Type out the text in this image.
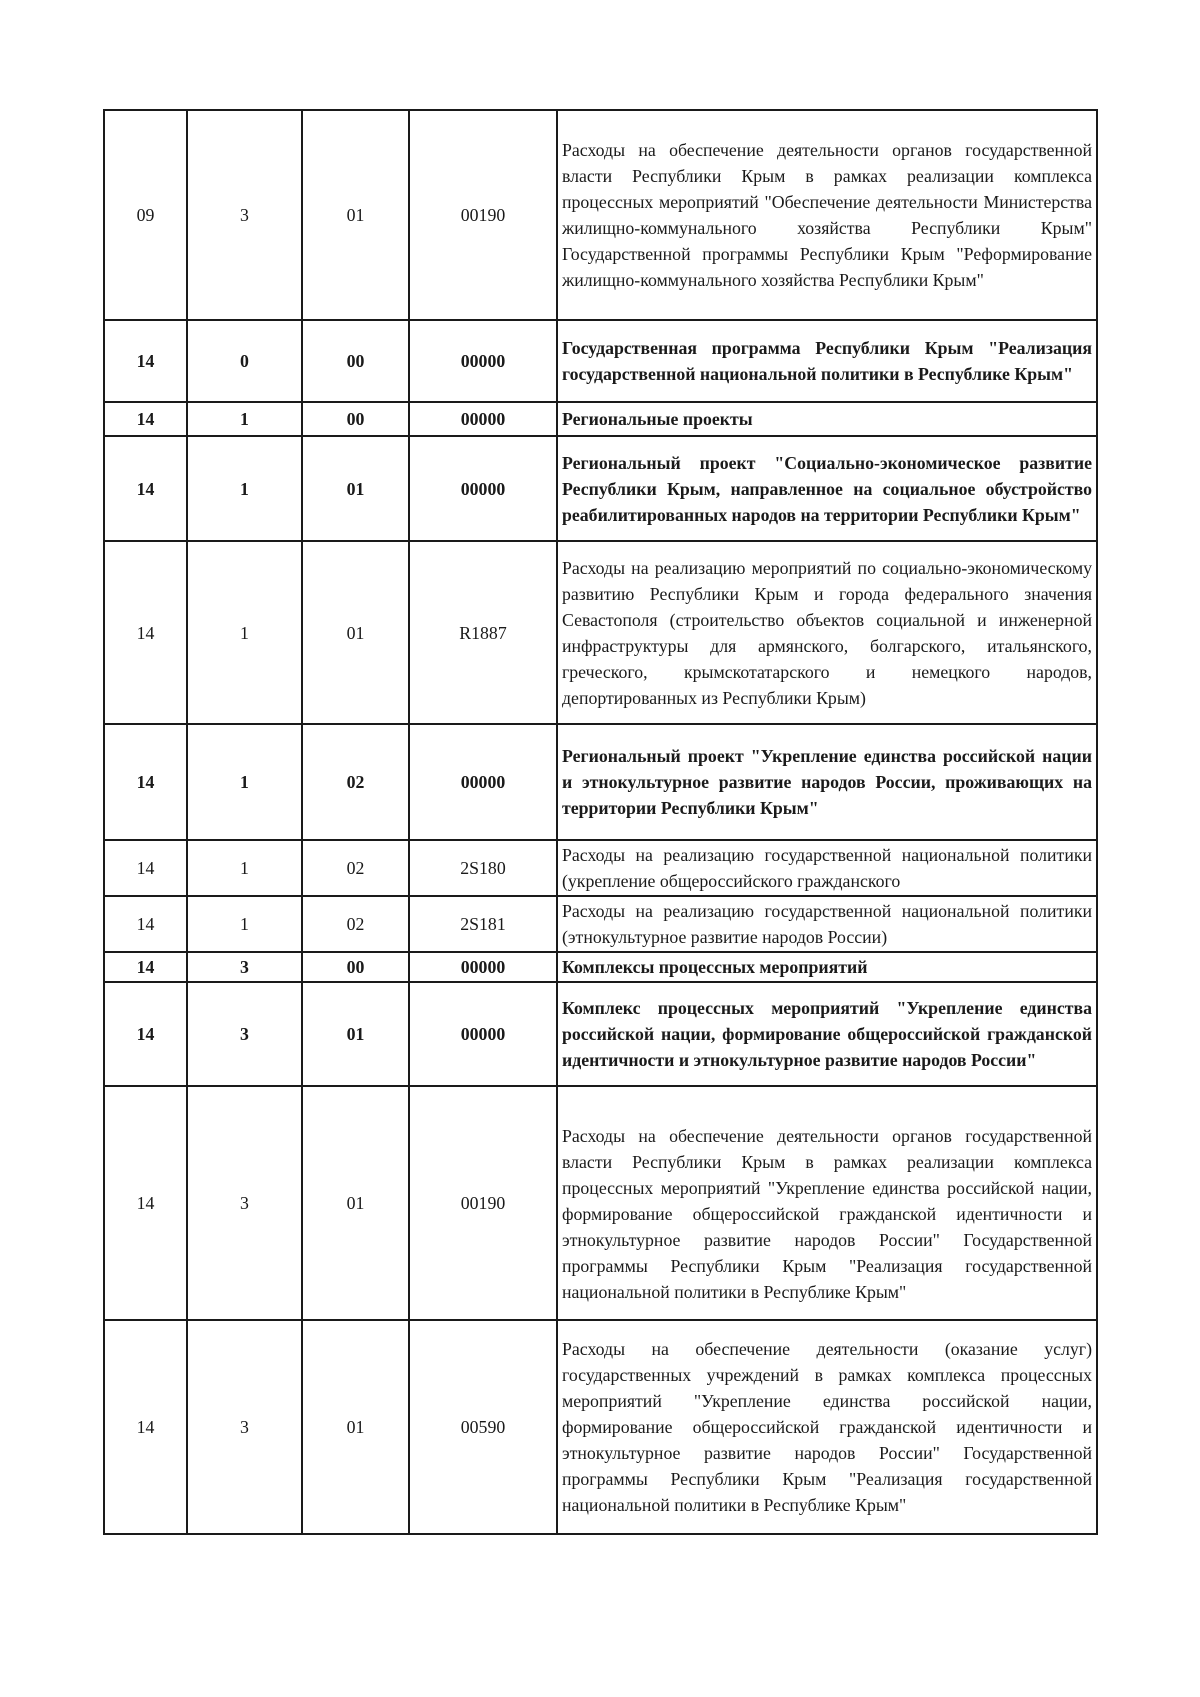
09	3	01	00190	Расходы на обеспечение деятельности органов государственной власти Республики Крым в рамках реализации комплекса процессных мероприятий "Обеспечение деятельности Министерства жилищно-коммунального хозяйства Республики Крым" Государственной программы Республики Крым "Реформирование жилищно-коммунального хозяйства Республики Крым"
14	0	00	00000	Государственная программа Республики Крым "Реализация государственной национальной политики в Республике Крым"
14	1	00	00000	Региональные проекты
14	1	01	00000	Региональный проект "Социально-экономическое развитие Республики Крым, направленное на социальное обустройство реабилитированных народов на территории Республики Крым"
14	1	01	R1887	Расходы на реализацию мероприятий по социально-экономическому развитию Республики Крым и города федерального значения Севастополя (строительство объектов социальной и инженерной инфраструктуры для армянского, болгарского, итальянского, греческого, крымскотатарского и немецкого народов, депортированных из Республики Крым)
14	1	02	00000	Региональный проект "Укрепление единства российской нации и этнокультурное развитие народов России, проживающих на территории Республики Крым"
14	1	02	2S180	Расходы на реализацию государственной национальной политики (укрепление общероссийского гражданского
14	1	02	2S181	Расходы на реализацию государственной национальной политики (этнокультурное развитие народов России)
14	3	00	00000	Комплексы процессных мероприятий
14	3	01	00000	Комплекс процессных мероприятий "Укрепление единства российской нации, формирование общероссийской гражданской идентичности и этнокультурное развитие народов России"
14	3	01	00190	Расходы на обеспечение деятельности органов государственной власти Республики Крым в рамках реализации комплекса процессных мероприятий "Укрепление единства российской нации, формирование общероссийской гражданской идентичности и этнокультурное развитие народов России" Государственной программы Республики Крым "Реализация государственной национальной политики в Республике Крым"
14	3	01	00590	Расходы на обеспечение деятельности (оказание услуг) государственных учреждений в рамках комплекса процессных мероприятий "Укрепление единства российской нации, формирование общероссийской гражданской идентичности и этнокультурное развитие народов России" Государственной программы Республики Крым "Реализация государственной национальной политики в Республике Крым"
